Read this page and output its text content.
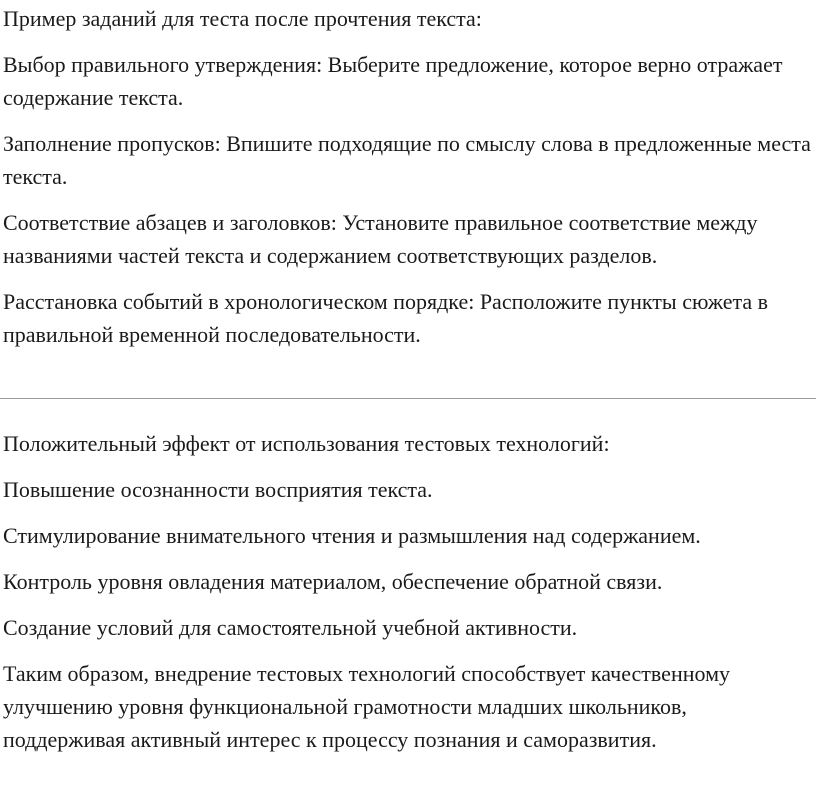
Пример заданий для теста после прочтения текста:

Выбор правильного утверждения: Выберите предложение, которое верно отражает содержание текста.

Заполнение пропусков: Впишите подходящие по смыслу слова в предложенные места текста.

Соответствие абзацев и заголовков: Установите правильное соответствие между названиями частей текста и содержанием соответствующих разделов.

Расстановка событий в хронологическом порядке: Расположите пункты сюжета в правильной временной последовательности.

Положительный эффект от использования тестовых технологий:

Повышение осознанности восприятия текста.

Стимулирование внимательного чтения и размышления над содержанием.

Контроль уровня овладения материалом, обеспечение обратной связи.

Создание условий для самостоятельной учебной активности.

Таким образом, внедрение тестовых технологий способствует качественному улучшению уровня функциональной грамотности младших школьников, поддерживая активный интерес к процессу познания и саморазвития.
